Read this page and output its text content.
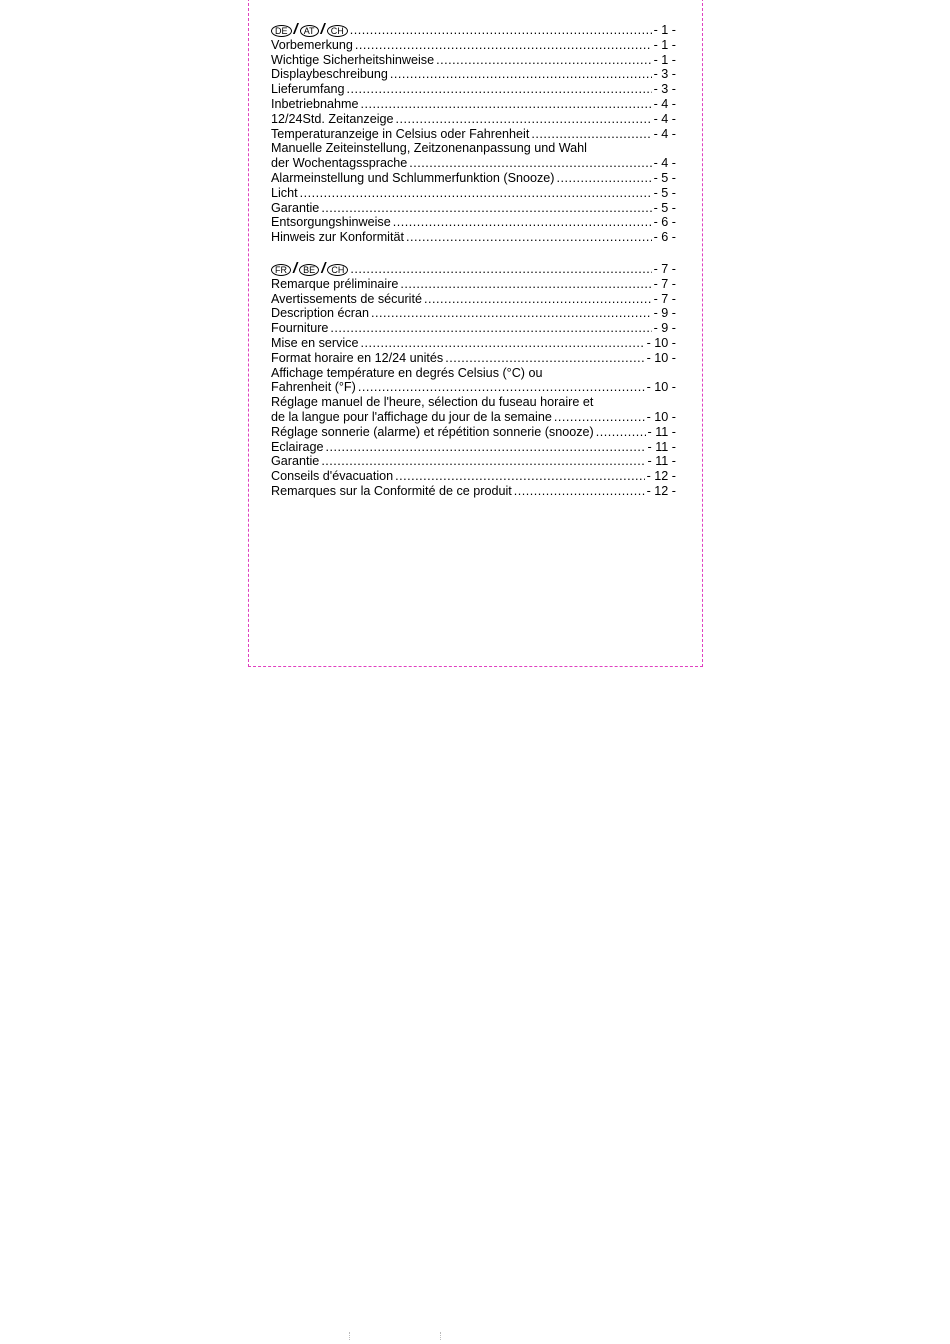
DE / AT / CH .....	- 1 -
Vorbemerkung .....	- 1 -
Wichtige Sicherheitshinweise .....	- 1 -
Displaybeschreibung .....	- 3 -
Lieferumfang .....	- 3 -
Inbetriebnahme .....	- 4 -
12/24Std. Zeitanzeige .....	- 4 -
Temperaturanzeige in Celsius oder Fahrenheit .....	- 4 -
Manuelle Zeiteinstellung, Zeitzonenanpassung und Wahl
der Wochentagssprache .....	- 4 -
Alarmeinstellung und Schlummerfunktion (Snooze) .....	- 5 -
Licht .....	- 5 -
Garantie .....	- 5 -
Entsorgungshinweise .....	- 6 -
Hinweis zur Konformität .....	- 6 -
FR / BE / CH .....	- 7 -
Remarque préliminaire .....	- 7 -
Avertissements de sécurité .....	- 7 -
Description écran .....	- 9 -
Fourniture .....	- 9 -
Mise en service .....	- 10 -
Format horaire en 12/24 unités .....	- 10 -
Affichage température en degrés Celsius (°C) ou
Fahrenheit (°F) .....	- 10 -
Réglage manuel de l'heure, sélection du fuseau horaire et
de la langue pour l'affichage du jour de la semaine .....	- 10 -
Réglage sonnerie (alarme) et répétition sonnerie (snooze) .....	- 11 -
Eclairage .....	- 11 -
Garantie .....	- 11 -
Conseils d'évacuation .....	- 12 -
Remarques sur la Conformité de ce produit .....	- 12 -
